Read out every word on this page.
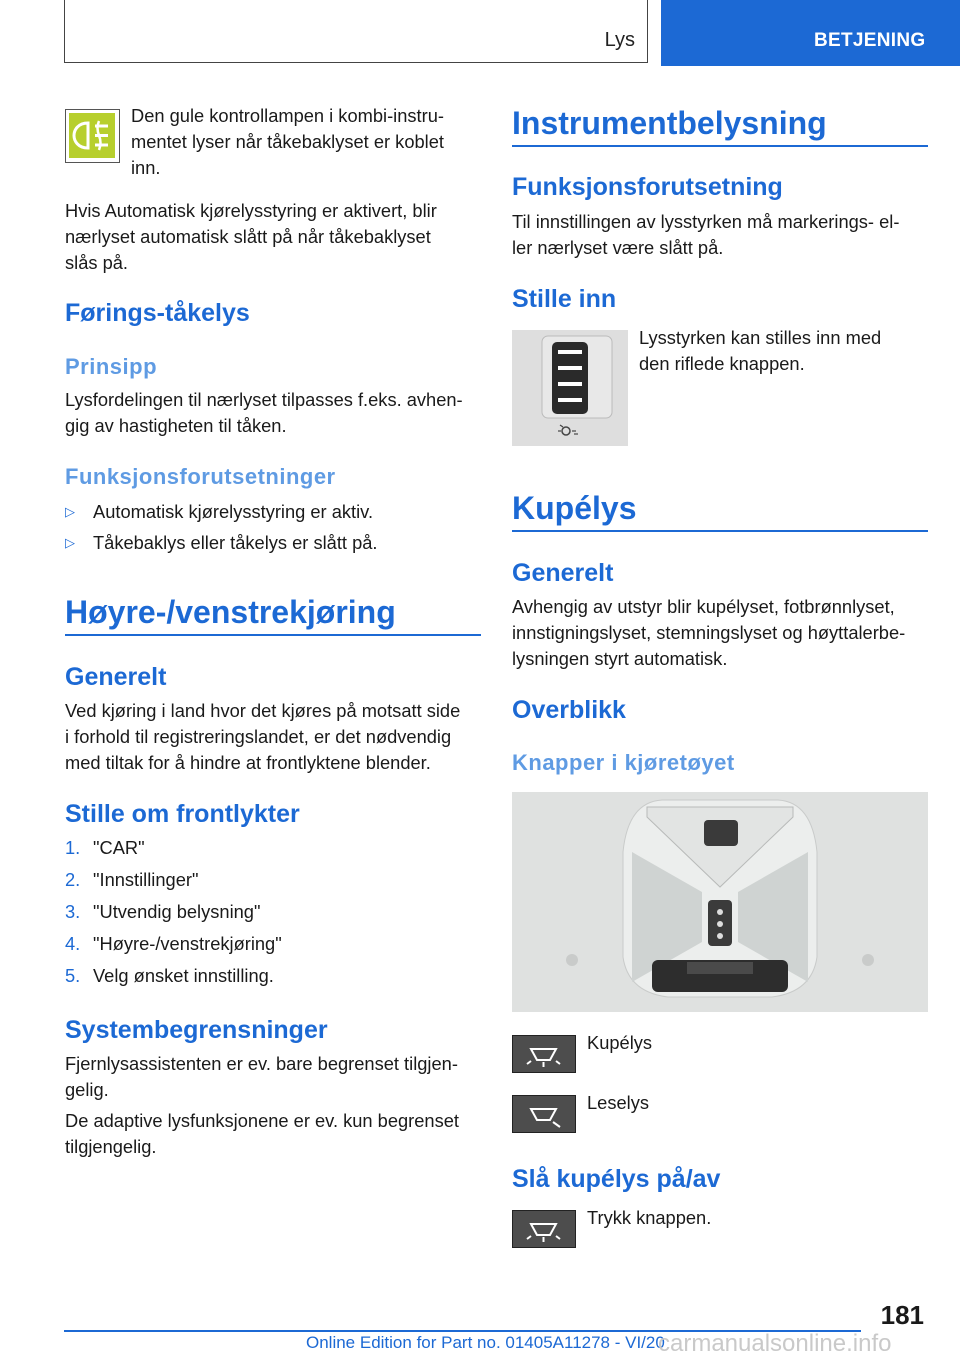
Lys	BETJENING
Den gule kontrollampen i kombi-instru-
mentet lyser når tåkebaklyset er koblet
inn.
Hvis Automatisk kjørelysstyring er aktivert, blir
nærlyset automatisk slått på når tåkebaklyset
slås på.
Førings-tåkelys
Prinsipp
Lysfordelingen til nærlyset tilpasses f.eks. avhen-
gig av hastigheten til tåken.
Funksjonsforutsetninger
▷ Automatisk kjørelysstyring er aktiv.
▷ Tåkebaklys eller tåkelys er slått på.
Høyre-/venstrekjøring
Generelt
Ved kjøring i land hvor det kjøres på motsatt side
i forhold til registreringslandet, er det nødvendig
med tiltak for å hindre at frontlyktene blender.
Stille om frontlykter
1. "CAR"
2. "Innstillinger"
3. "Utvendig belysning"
4. "Høyre-/venstrekjøring"
5. Velg ønsket innstilling.
Systembegrensninger
Fjernlysassistenten er ev. bare begrenset tilgjen-
gelig.
De adaptive lysfunksjonene er ev. kun begrenset
tilgjengelig.
Instrumentbelysning
Funksjonsforutsetning
Til innstillingen av lysstyrken må markerings- el-
ler nærlyset være slått på.
Stille inn
Lysstyrken kan stilles inn med
den riflede knappen.
Kupélys
Generelt
Avhengig av utstyr blir kupélyset, fotbrønnlyset,
innstigningslyset, stemningslyset og høyttalerbe-
lysningen styrt automatisk.
Overblikk
Knapper i kjøretøyet
Kupélys
Leselys
Slå kupélys på/av
Trykk knappen.
181
Online Edition for Part no. 01405A11278 - VI/20
carmanualsonline.info
